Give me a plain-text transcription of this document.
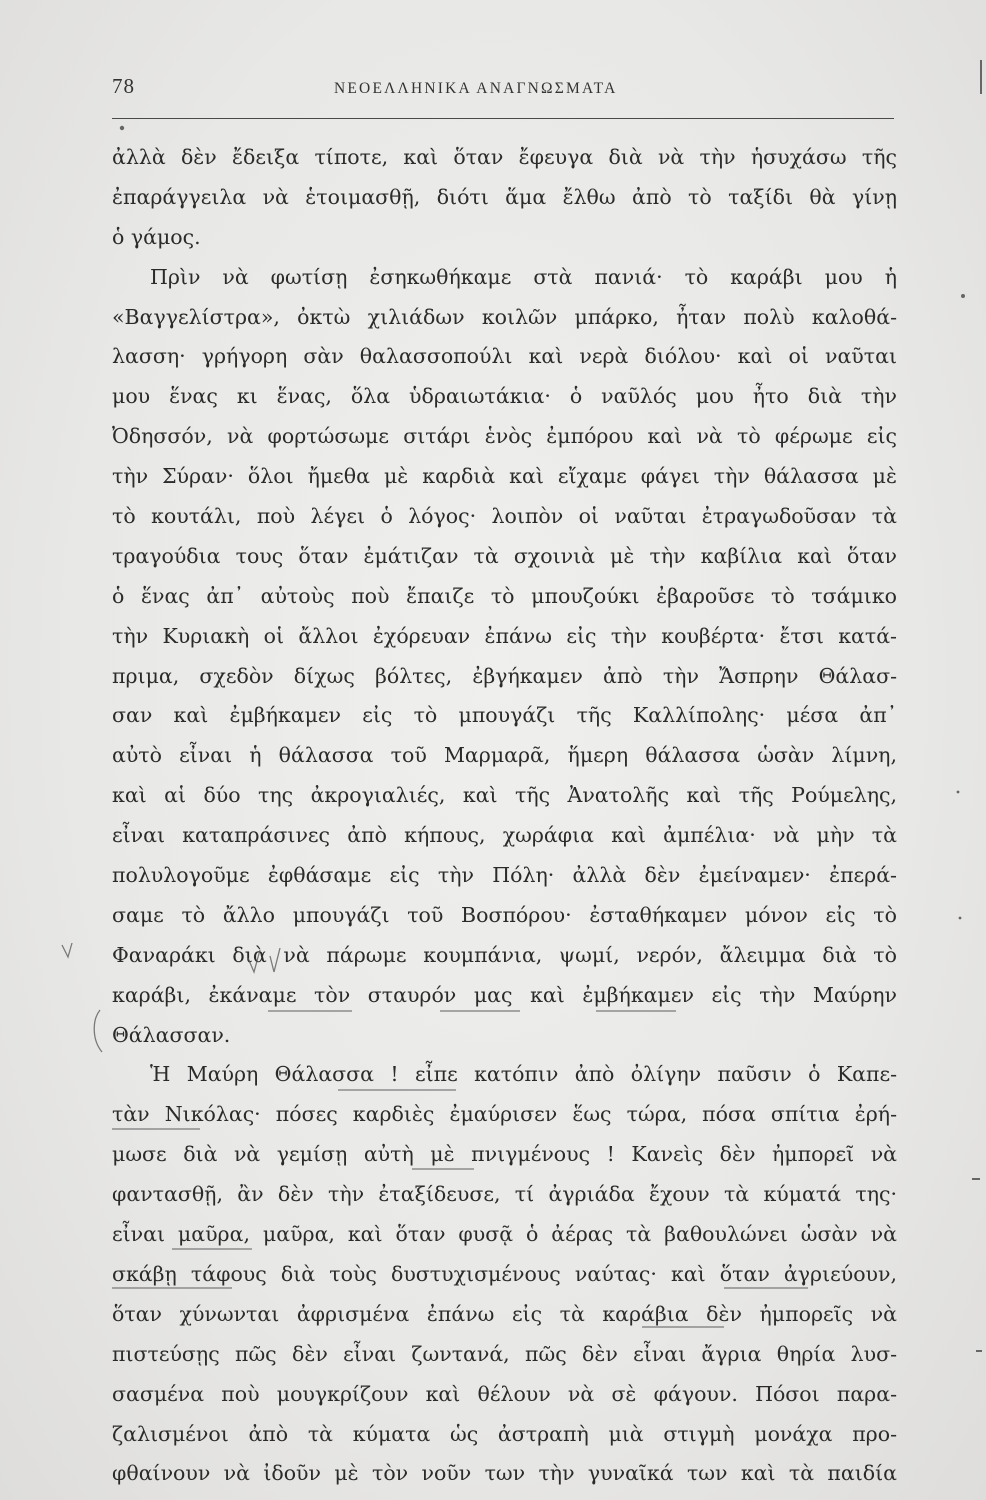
78	ΝΕΟΕΛΛΗΝΙΚΑ ΑΝΑΓΝΩΣΜΑΤΑ
ἀλλὰ δὲν ἔδειξα τίποτε, καὶ ὅταν ἔφευγα διὰ νὰ τὴν ἡσυχάσω τῆς
ἐπαράγγειλα νὰ ἑτοιμασθῇ, διότι ἅμα ἔλθω ἀπὸ τὸ ταξίδι θὰ γίνῃ
ὁ γάμος.
Πρὶν νὰ φωτίσῃ ἐσηκωθήκαμε στὰ πανιά· τὸ καράβι μου ἡ
«Βαγγελίστρα», ὀκτὼ χιλιάδων κοιλῶν μπάρκο, ἦταν πολὺ καλοθά-
λασση· γρήγορη σὰν θαλασσοπούλι καὶ νερὰ διόλου· καὶ οἱ ναῦται
μου ἕνας κι ἕνας, ὅλα ὑδραιωτάκια· ὁ ναῦλός μου ἦτο διὰ τὴν
Ὀδησσόν, νὰ φορτώσωμε σιτάρι ἑνὸς ἐμπόρου καὶ νὰ τὸ φέρωμε εἰς
τὴν Σύραν· ὅλοι ἤμεθα μὲ καρδιὰ καὶ εἴχαμε φάγει τὴν θάλασσα μὲ
τὸ κουτάλι, ποὺ λέγει ὁ λόγος· λοιπὸν οἱ ναῦται ἐτραγωδοῦσαν τὰ
τραγούδια τους ὅταν ἐμάτιζαν τὰ σχοινιὰ μὲ τὴν καβίλια καὶ ὅταν
ὁ ἕνας ἀπ᾿ αὐτοὺς ποὺ ἔπαιζε τὸ μπουζούκι ἐβαροῦσε τὸ τσάμικο
τὴν Κυριακὴ οἱ ἄλλοι ἐχόρευαν ἐπάνω εἰς τὴν κουβέρτα· ἔτσι κατά-
πριμα, σχεδὸν δίχως βόλτες, ἐβγήκαμεν ἀπὸ τὴν Ἄσπρην Θάλασ-
σαν καὶ ἐμβήκαμεν εἰς τὸ μπουγάζι τῆς Καλλίπολης· μέσα ἀπ᾿
αὐτὸ εἶναι ἡ θάλασσα τοῦ Μαρμαρᾶ, ἥμερη θάλασσα ὡσὰν λίμνη,
καὶ αἱ δύο της ἀκρογιαλιές, καὶ τῆς Ἀνατολῆς καὶ τῆς Ρούμελης,
εἶναι καταπράσινες ἀπὸ κήπους, χωράφια καὶ ἀμπέλια· νὰ μὴν τὰ
πολυλογοῦμε ἐφθάσαμε εἰς τὴν Πόλη· ἀλλὰ δὲν ἐμείναμεν· ἐπερά-
σαμε τὸ ἄλλο μπουγάζι τοῦ Βοσπόρου· ἐσταθήκαμεν μόνον εἰς τὸ
Φαναράκι διὰ νὰ πάρωμε κουμπάνια, ψωμί, νερόν, ἄλειμμα διὰ τὸ
καράβι, ἐκάναμε τὸν σταυρόν μας καὶ ἐμβήκαμεν εἰς τὴν Μαύρην
Θάλασσαν.
Ἡ Μαύρη Θάλασσα ! εἶπε κατόπιν ἀπὸ ὀλίγην παῦσιν ὁ Καπε-
τὰν Νικόλας· πόσες καρδιὲς ἐμαύρισεν ἕως τώρα, πόσα σπίτια ἐρή-
μωσε διὰ νὰ γεμίσῃ αὐτὴ μὲ πνιγμένους ! Κανεὶς δὲν ἠμπορεῖ νὰ
φαντασθῇ, ἂν δὲν τὴν ἐταξίδευσε, τί ἀγριάδα ἔχουν τὰ κύματά της·
εἶναι μαῦρα, μαῦρα, καὶ ὅταν φυσᾷ ὁ ἀέρας τὰ βαθουλώνει ὡσὰν νὰ
σκάβῃ τάφους διὰ τοὺς δυστυχισμένους ναύτας· καὶ ὅταν ἀγριεύουν,
ὅταν χύνωνται ἀφρισμένα ἐπάνω εἰς τὰ καράβια δὲν ἠμπορεῖς νὰ
πιστεύσῃς πῶς δὲν εἶναι ζωντανά, πῶς δὲν εἶναι ἄγρια θηρία λυσ-
σασμένα ποὺ μουγκρίζουν καὶ θέλουν νὰ σὲ φάγουν. Πόσοι παρα-
ζαλισμένοι ἀπὸ τὰ κύματα ὡς ἀστραπὴ μιὰ στιγμὴ μονάχα προ-
φθαίνουν νὰ ἰδοῦν μὲ τὸν νοῦν των τὴν γυναῖκά των καὶ τὰ παιδία
